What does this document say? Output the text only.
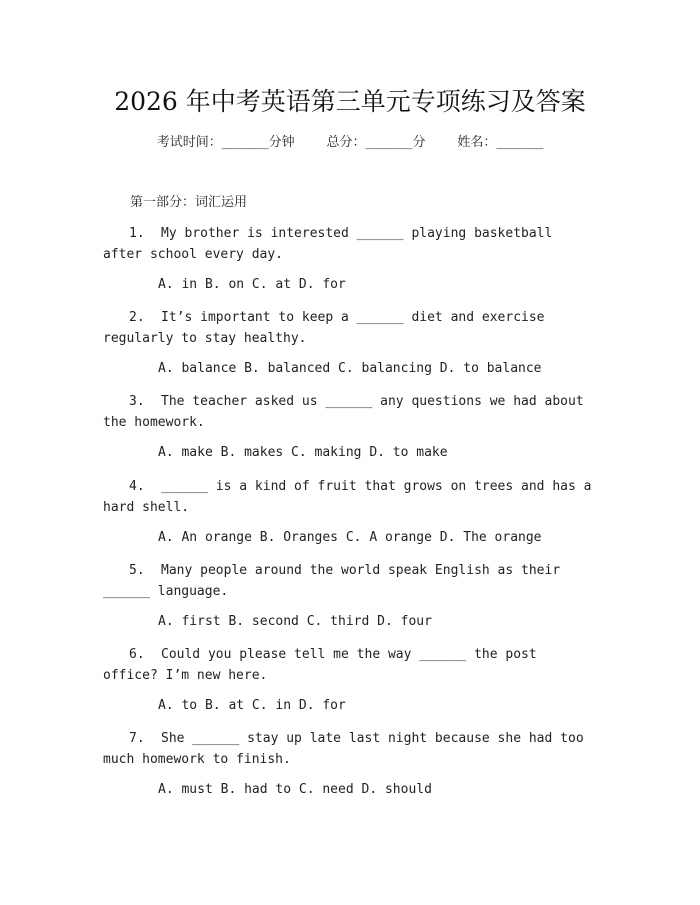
2026 年中考英语第三单元专项练习及答案
考试时间：______分钟 总分：______分 姓名：______
第一部分：词汇运用
1. My brother is interested ______ playing basketball after school every day.
A. in B. on C. at D. for
2. It’s important to keep a ______ diet and exercise regularly to stay healthy.
A. balance B. balanced C. balancing D. to balance
3. The teacher asked us ______ any questions we had about the homework.
A. make B. makes C. making D. to make
4. ______ is a kind of fruit that grows on trees and has a hard shell.
A. An orange B. Oranges C. A orange D. The orange
5. Many people around the world speak English as their ______ language.
A. first B. second C. third D. four
6. Could you please tell me the way ______ the post office? I’m new here.
A. to B. at C. in D. for
7. She ______ stay up late last night because she had too much homework to finish.
A. must B. had to C. need D. should
